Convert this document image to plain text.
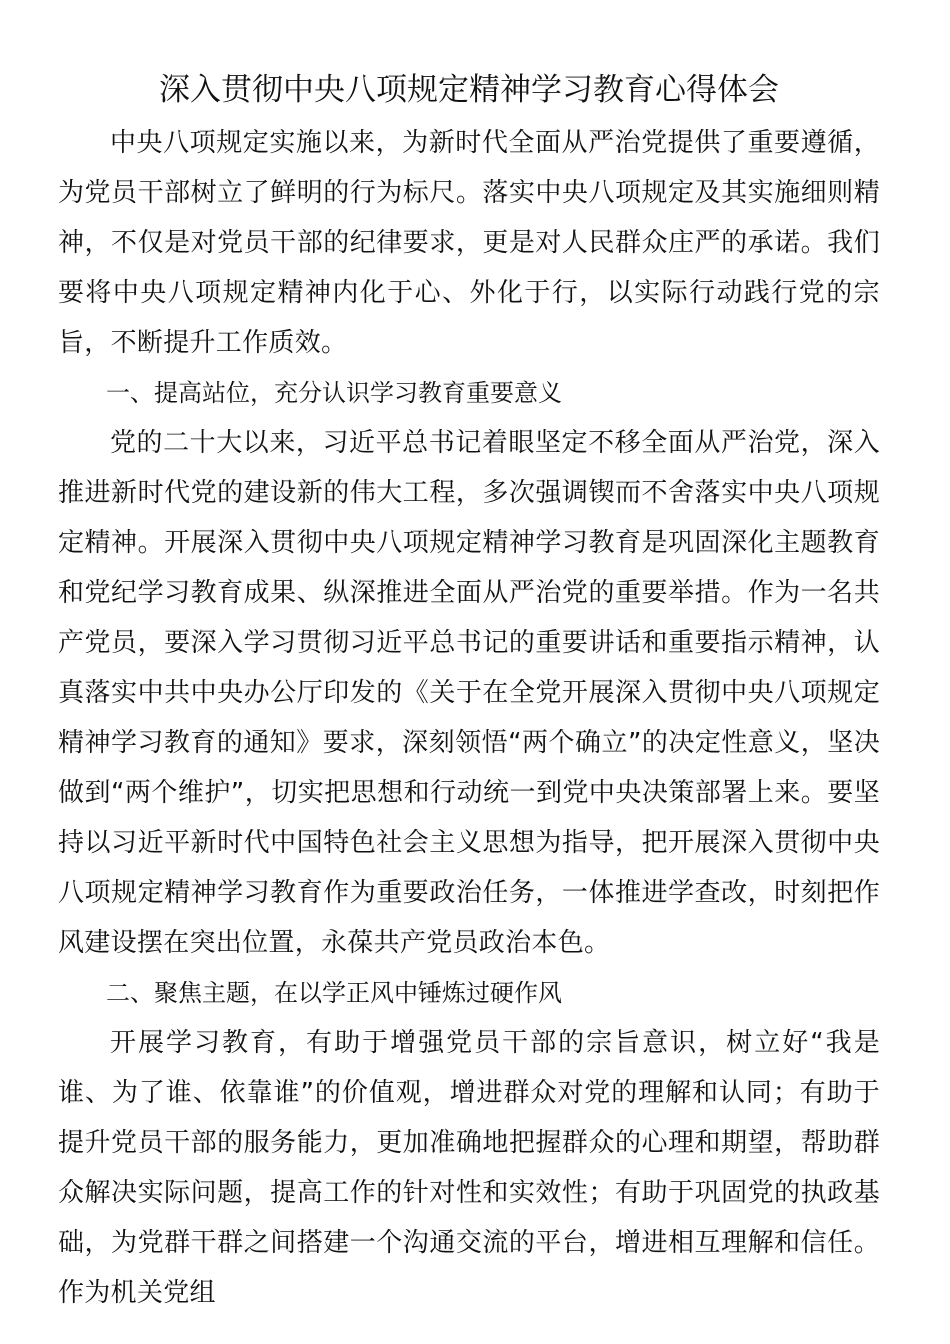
深入贯彻中央八项规定精神学习教育心得体会

中央八项规定实施以来，为新时代全面从严治党提供了重要遵循，为党员干部树立了鲜明的行为标尺。落实中央八项规定及其实施细则精神，不仅是对党员干部的纪律要求，更是对人民群众庄严的承诺。我们要将中央八项规定精神内化于心、外化于行，以实际行动践行党的宗旨，不断提升工作质效。

一、提高站位，充分认识学习教育重要意义

党的二十大以来，习近平总书记着眼坚定不移全面从严治党，深入推进新时代党的建设新的伟大工程，多次强调锲而不舍落实中央八项规定精神。开展深入贯彻中央八项规定精神学习教育是巩固深化主题教育和党纪学习教育成果、纵深推进全面从严治党的重要举措。作为一名共产党员，要深入学习贯彻习近平总书记的重要讲话和重要指示精神，认真落实中共中央办公厅印发的《关于在全党开展深入贯彻中央八项规定精神学习教育的通知》要求，深刻领悟“两个确立”的决定性意义，坚决做到“两个维护”，切实把思想和行动统一到党中央决策部署上来。要坚持以习近平新时代中国特色社会主义思想为指导，把开展深入贯彻中央八项规定精神学习教育作为重要政治任务，一体推进学查改，时刻把作风建设摆在突出位置，永葆共产党员政治本色。

二、聚焦主题，在以学正风中锤炼过硬作风

开展学习教育，有助于增强党员干部的宗旨意识，树立好“我是谁、为了谁、依靠谁”的价值观，增进群众对党的理解和认同；有助于提升党员干部的服务能力，更加准确地把握群众的心理和期望，帮助群众解决实际问题，提高工作的针对性和实效性；有助于巩固党的执政基础，为党群干群之间搭建一个沟通交流的平台，增进相互理解和信任。作为机关党组
